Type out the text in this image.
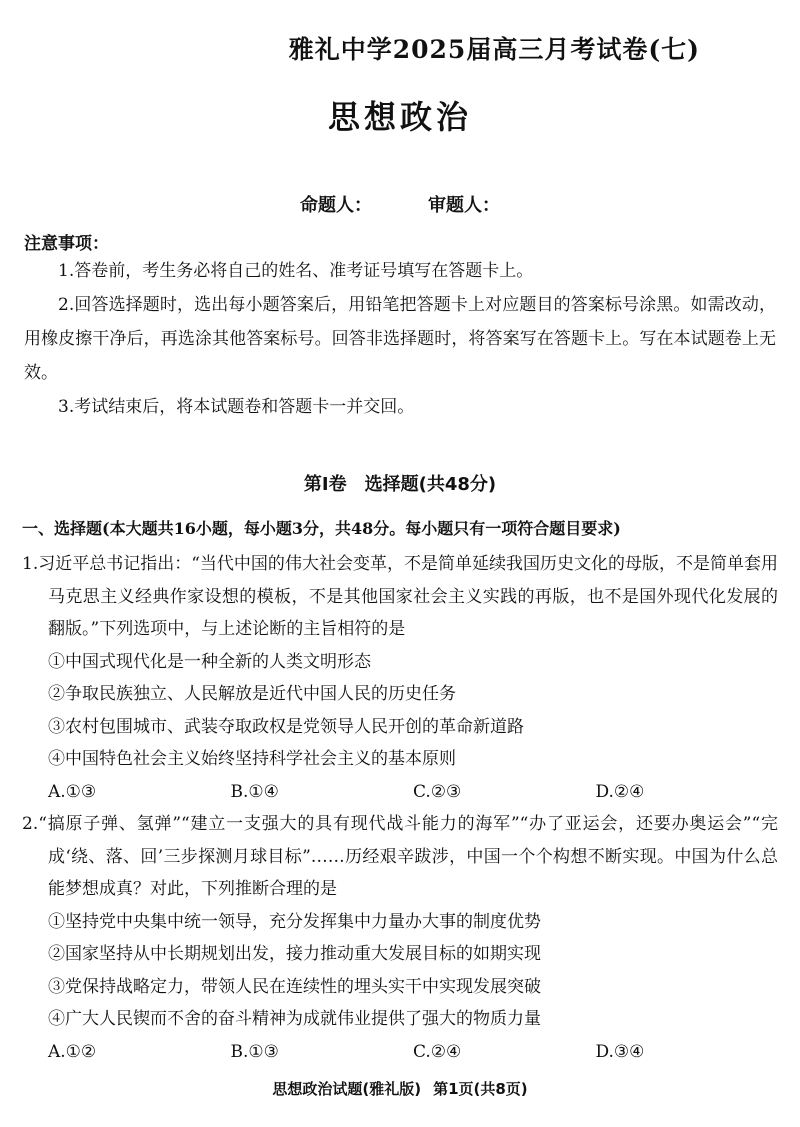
雅礼中学2025届高三月考试卷(七)
思想政治
命题人：	审题人：
注意事项：

1.答卷前，考生务必将自己的姓名、准考证号填写在答题卡上。

2.回答选择题时，选出每小题答案后，用铅笔把答题卡上对应题目的答案标号涂黑。如需改动，用橡皮擦干净后，再选涂其他答案标号。回答非选择题时，将答案写在答题卡上。写在本试题卷上无效。

3.考试结束后，将本试题卷和答题卡一并交回。

第Ⅰ卷 选择题(共48分)
一、选择题(本大题共16小题，每小题3分，共48分。每小题只有一项符合题目要求)
1.习近平总书记指出：“当代中国的伟大社会变革，不是简单延续我国历史文化的母版，不是简单套用马克思主义经典作家设想的模板，不是其他国家社会主义实践的再版，也不是国外现代化发展的翻版。”下列选项中，与上述论断的主旨相符的是
①中国式现代化是一种全新的人类文明形态
②争取民族独立、人民解放是近代中国人民的历史任务
③农村包围城市、武装夺取政权是党领导人民开创的革命新道路
④中国特色社会主义始终坚持科学社会主义的基本原则
A.①③	B.①④	C.②③	D.②④
2.“搞原子弹、氢弹”“建立一支强大的具有现代战斗能力的海军”“办了亚运会，还要办奥运会”“完成‘绕、落、回’三步探测月球目标”……历经艰辛跋涉，中国一个个构想不断实现。中国为什么总能梦想成真？对此，下列推断合理的是
①坚持党中央集中统一领导，充分发挥集中力量办大事的制度优势
②国家坚持从中长期规划出发，接力推动重大发展目标的如期实现
③党保持战略定力，带领人民在连续性的埋头实干中实现发展突破
④广大人民锲而不舍的奋斗精神为成就伟业提供了强大的物质力量
A.①②	B.①③	C.②④	D.③④
思想政治试题(雅礼版) 第1页(共8页)
